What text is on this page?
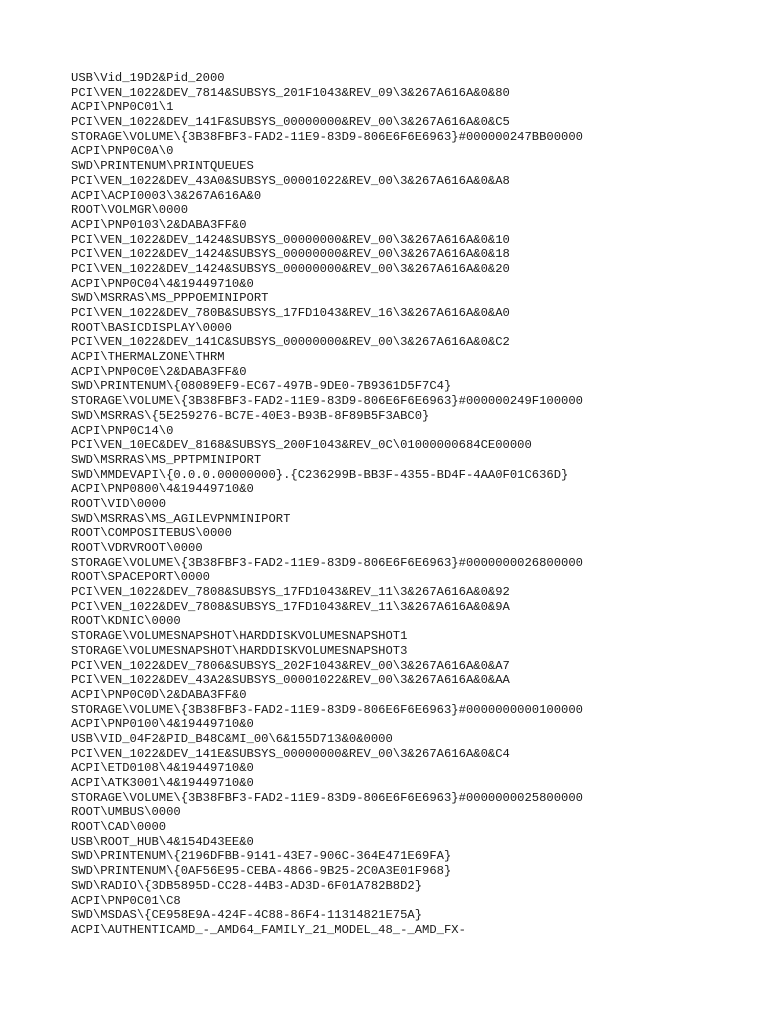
USB\Vid_19D2&Pid_2000
PCI\VEN_1022&DEV_7814&SUBSYS_201F1043&REV_09\3&267A616A&0&80
ACPI\PNP0C01\1
PCI\VEN_1022&DEV_141F&SUBSYS_00000000&REV_00\3&267A616A&0&C5
STORAGE\VOLUME\{3B38FBF3-FAD2-11E9-83D9-806E6F6E6963}#000000247BB00000
ACPI\PNP0C0A\0
SWD\PRINTENUM\PRINTQUEUES
PCI\VEN_1022&DEV_43A0&SUBSYS_00001022&REV_00\3&267A616A&0&A8
ACPI\ACPI0003\3&267A616A&0
ROOT\VOLMGR\0000
ACPI\PNP0103\2&DABA3FF&0
PCI\VEN_1022&DEV_1424&SUBSYS_00000000&REV_00\3&267A616A&0&10
PCI\VEN_1022&DEV_1424&SUBSYS_00000000&REV_00\3&267A616A&0&18
PCI\VEN_1022&DEV_1424&SUBSYS_00000000&REV_00\3&267A616A&0&20
ACPI\PNP0C04\4&19449710&0
SWD\MSRRAS\MS_PPPOEMINIPORT
PCI\VEN_1022&DEV_780B&SUBSYS_17FD1043&REV_16\3&267A616A&0&A0
ROOT\BASICDISPLAY\0000
PCI\VEN_1022&DEV_141C&SUBSYS_00000000&REV_00\3&267A616A&0&C2
ACPI\THERMALZONE\THRM
ACPI\PNP0C0E\2&DABA3FF&0
SWD\PRINTENUM\{08089EF9-EC67-497B-9DE0-7B9361D5F7C4}
STORAGE\VOLUME\{3B38FBF3-FAD2-11E9-83D9-806E6F6E6963}#000000249F100000
SWD\MSRRAS\{5E259276-BC7E-40E3-B93B-8F89B5F3ABC0}
ACPI\PNP0C14\0
PCI\VEN_10EC&DEV_8168&SUBSYS_200F1043&REV_0C\01000000684CE00000
SWD\MSRRAS\MS_PPTPMINIPORT
SWD\MMDEVAPI\{0.0.0.00000000}.{C236299B-BB3F-4355-BD4F-4AA0F01C636D}
ACPI\PNP0800\4&19449710&0
ROOT\VID\0000
SWD\MSRRAS\MS_AGILEVPNMINIPORT
ROOT\COMPOSITEBUS\0000
ROOT\VDRVROOT\0000
STORAGE\VOLUME\{3B38FBF3-FAD2-11E9-83D9-806E6F6E6963}#0000000026800000
ROOT\SPACEPORT\0000
PCI\VEN_1022&DEV_7808&SUBSYS_17FD1043&REV_11\3&267A616A&0&92
PCI\VEN_1022&DEV_7808&SUBSYS_17FD1043&REV_11\3&267A616A&0&9A
ROOT\KDNIC\0000
STORAGE\VOLUMESNAPSHOT\HARDDISKVOLUMESNAPSHOT1
STORAGE\VOLUMESNAPSHOT\HARDDISKVOLUMESNAPSHOT3
PCI\VEN_1022&DEV_7806&SUBSYS_202F1043&REV_00\3&267A616A&0&A7
PCI\VEN_1022&DEV_43A2&SUBSYS_00001022&REV_00\3&267A616A&0&AA
ACPI\PNP0C0D\2&DABA3FF&0
STORAGE\VOLUME\{3B38FBF3-FAD2-11E9-83D9-806E6F6E6963}#0000000000100000
ACPI\PNP0100\4&19449710&0
USB\VID_04F2&PID_B48C&MI_00\6&155D713&0&0000
PCI\VEN_1022&DEV_141E&SUBSYS_00000000&REV_00\3&267A616A&0&C4
ACPI\ETD0108\4&19449710&0
ACPI\ATK3001\4&19449710&0
STORAGE\VOLUME\{3B38FBF3-FAD2-11E9-83D9-806E6F6E6963}#0000000025800000
ROOT\UMBUS\0000
ROOT\CAD\0000
USB\ROOT_HUB\4&154D43EE&0
SWD\PRINTENUM\{2196DFBB-9141-43E7-906C-364E471E69FA}
SWD\PRINTENUM\{0AF56E95-CEBA-4866-9B25-2C0A3E01F968}
SWD\RADIO\{3DB5895D-CC28-44B3-AD3D-6F01A782B8D2}
ACPI\PNP0C01\C8
SWD\MSDAS\{CE958E9A-424F-4C88-86F4-11314821E75A}
ACPI\AUTHENTICAMD_-_AMD64_FAMILY_21_MODEL_48_-_AMD_FX-
